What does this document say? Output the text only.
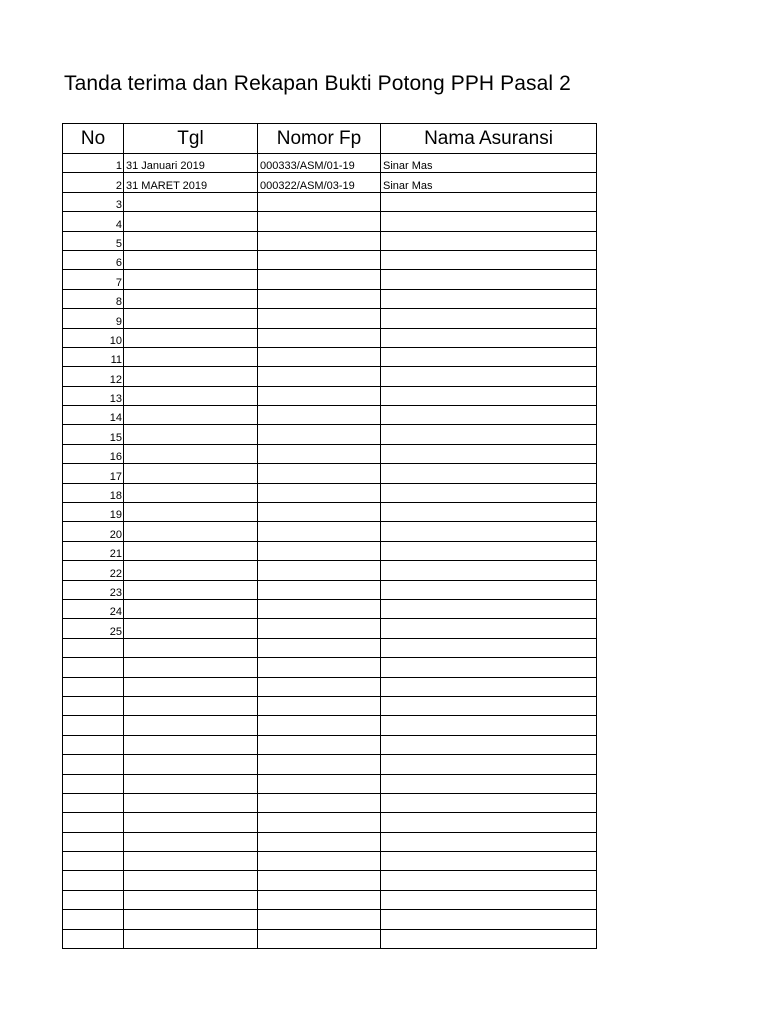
Tanda terima dan Rekapan Bukti Potong PPH Pasal 2
No	Tgl	Nomor Fp	Nama Asuransi
1	31 Januari 2019	000333/ASM/01-19	Sinar Mas
2	31 MARET 2019	000322/ASM/03-19	Sinar Mas
3			
4			
5			
6			
7			
8			
9			
10			
11			
12			
13			
14			
15			
16			
17			
18			
19			
20			
21			
22			
23			
24			
25			
